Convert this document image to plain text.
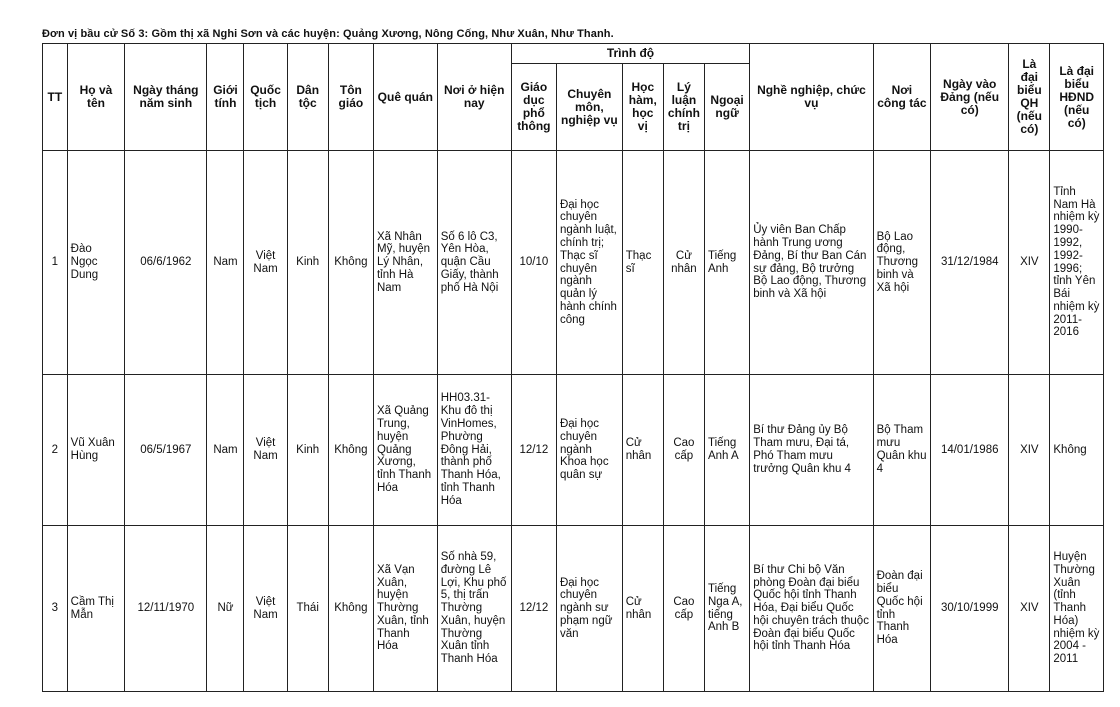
Đơn vị bầu cử Số 3: Gồm thị xã Nghi Sơn và các huyện: Quảng Xương, Nông Cống, Như Xuân, Như Thanh.
TT	Họ và tên	Ngày tháng năm sinh	Giới tính	Quốc tịch	Dân tộc	Tôn giáo	Quê quán	Nơi ở hiện nay	Trình độ					Nghề nghiệp, chức vụ	Nơi công tác	Ngày vào Đảng (nếu có)	Là đại biểu QH (nếu có)	Là đại biểu HĐND (nếu có)
									Giáo dục phổ thông	Chuyên môn, nghiệp vụ	Học hàm, học vị	Lý luận chính trị	Ngoại ngữ					
1	Đào Ngọc Dung	06/6/1962	Nam	Việt Nam	Kinh	Không	Xã Nhân Mỹ, huyện Lý Nhân, tỉnh Hà Nam	Số 6 lô C3, Yên Hòa, quận Cầu Giấy, thành phố Hà Nội	10/10	Đại học chuyên ngành luật, chính trị; Thạc sĩ chuyên ngành quản lý hành chính công	Thạc sĩ	Cử nhân	Tiếng Anh	Ủy viên Ban Chấp hành Trung ương Đảng, Bí thư Ban Cán sự đảng, Bộ trưởng Bộ Lao động, Thương binh và Xã hội	Bộ Lao động, Thương binh và Xã hội	31/12/1984	XIV	Tỉnh Nam Hà nhiệm kỳ 1990-1992, 1992-1996; tỉnh Yên Bái nhiệm kỳ 2011-2016
2	Vũ Xuân Hùng	06/5/1967	Nam	Việt Nam	Kinh	Không	Xã Quảng Trung, huyện Quảng Xương, tỉnh Thanh Hóa	HH03.31-Khu đô thị VinHomes, Phường Đông Hải, thành phố Thanh Hóa, tỉnh Thanh Hóa	12/12	Đại học chuyên ngành Khoa học quân sự	Cử nhân	Cao cấp	Tiếng Anh A	Bí thư Đảng ủy Bộ Tham mưu, Đại tá, Phó Tham mưu trưởng Quân khu 4	Bộ Tham mưu Quân khu 4	14/01/1986	XIV	Không
3	Cầm Thị Mẫn	12/11/1970	Nữ	Việt Nam	Thái	Không	Xã Vạn Xuân, huyện Thường Xuân, tỉnh Thanh Hóa	Số nhà 59, đường Lê Lợi, Khu phố 5, thị trấn Thường Xuân, huyện Thường Xuân tỉnh Thanh Hóa	12/12	Đại học chuyên ngành sư phạm ngữ văn	Cử nhân	Cao cấp	Tiếng Nga A, tiếng Anh B	Bí thư Chi bộ Văn phòng Đoàn đại biểu Quốc hội tỉnh Thanh Hóa, Đại biểu Quốc hội chuyên trách thuộc Đoàn đại biểu Quốc hội tỉnh Thanh Hóa	Đoàn đại biểu Quốc hội tỉnh Thanh Hóa	30/10/1999	XIV	Huyện Thường Xuân (tỉnh Thanh Hóa) nhiệm kỳ 2004 - 2011
